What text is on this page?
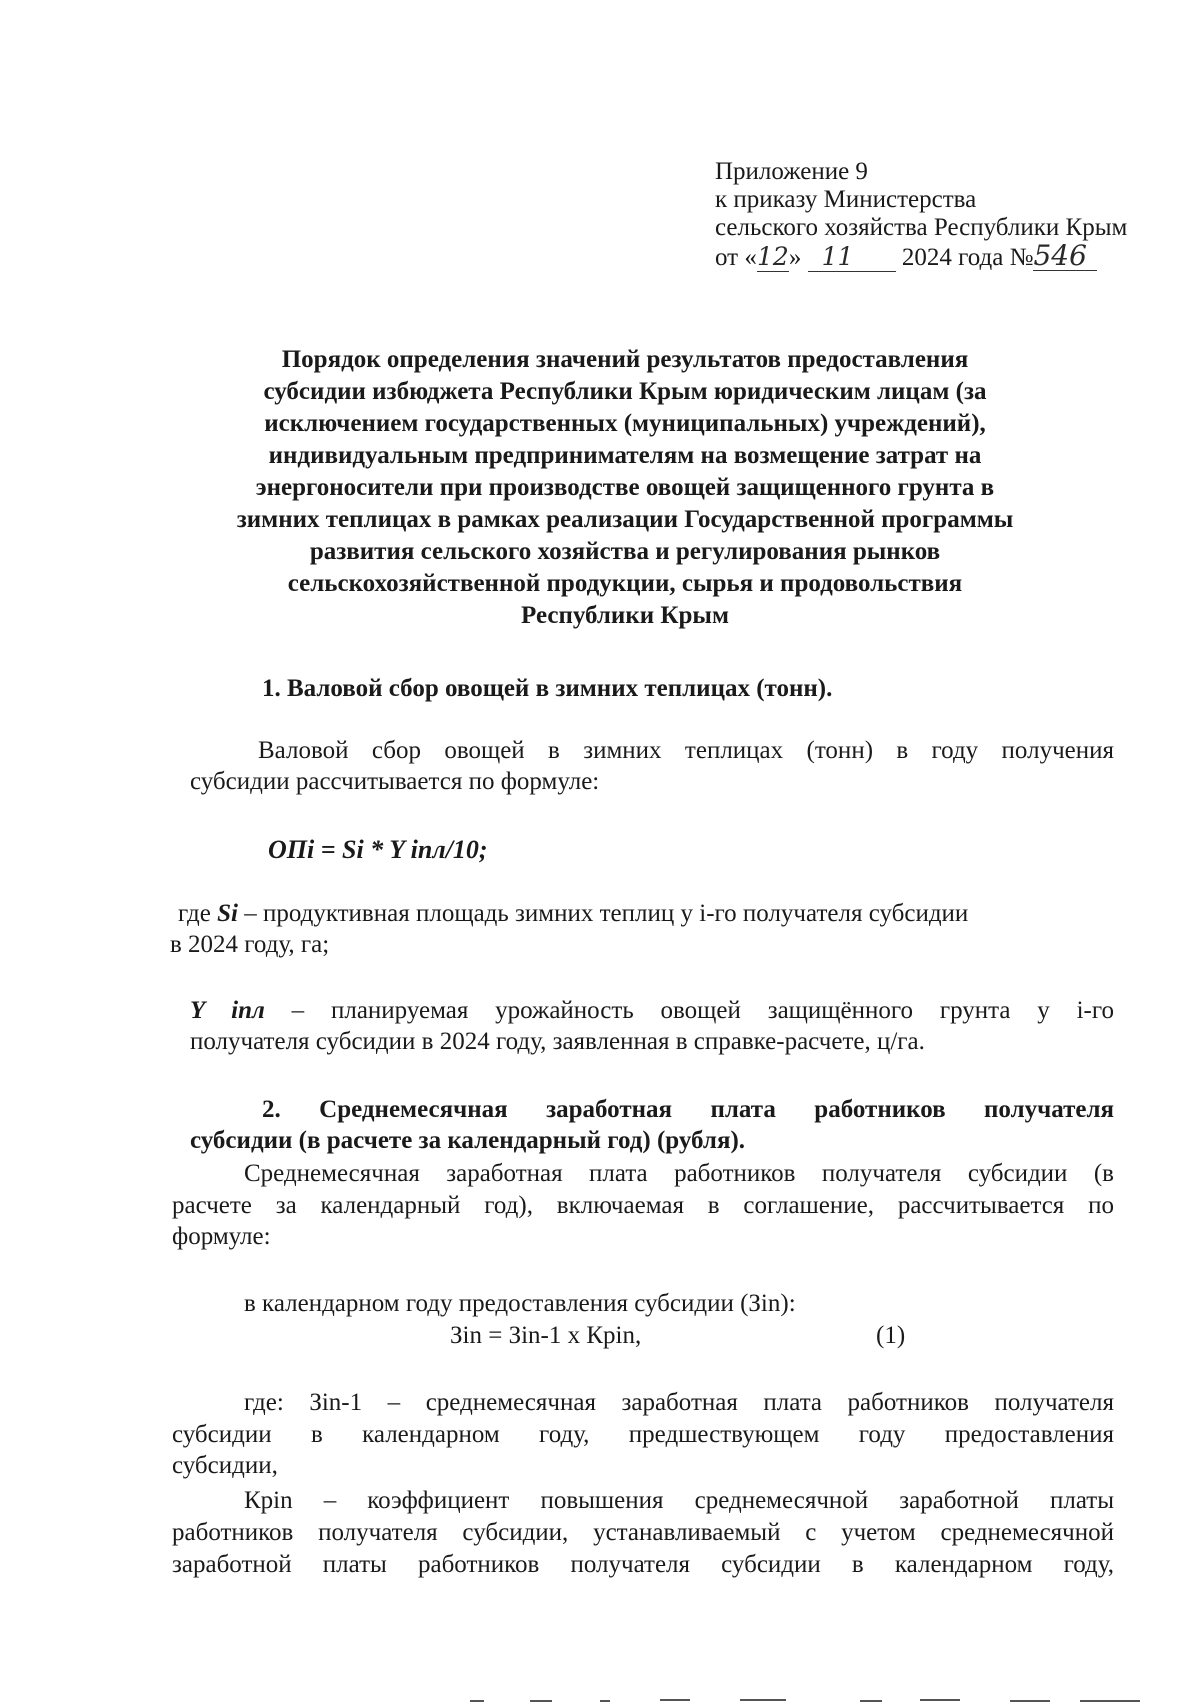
Приложение 9
к приказу Министерства
сельского хозяйства Республики Крым
от «12» 11 2024 года №546
Порядок определения значений результатов предоставления
субсидии избюджета Республики Крым юридическим лицам (за
исключением государственных (муниципальных) учреждений),
индивидуальным предпринимателям на возмещение затрат на
энергоносители при производстве овощей защищенного грунта в
зимних теплицах в рамках реализации Государственной программы
развития сельского хозяйства и регулирования рынков
сельскохозяйственной продукции, сырья и продовольствия
Республики Крым
1. Валовой сбор овощей в зимних теплицах (тонн).
Валовой сбор овощей в зимних теплицах (тонн) в году получения
субсидии рассчитывается по формуле:
ОПi = Si * Y iпл/10;
где Si – продуктивная площадь зимних теплиц у i-го получателя субсидии
в 2024 году, га;
Y iпл – планируемая урожайность овощей защищённого грунта у i-го
получателя субсидии в 2024 году, заявленная в справке-расчете, ц/га.
2. Среднемесячная заработная плата работников получателя
субсидии (в расчете за календарный год) (рубля).
Среднемесячная заработная плата работников получателя субсидии (в
расчете за календарный год), включаемая в соглашение, рассчитывается по
формуле:
в календарном году предоставления субсидии (Зin):
Зin = Зin-1 х Кpin,	(1)
где: Зin-1 – среднемесячная заработная плата работников получателя
субсидии в календарном году, предшествующем году предоставления
субсидии,
Кpin – коэффициент повышения среднемесячной заработной платы
работников получателя субсидии, устанавливаемый с учетом среднемесячной
заработной платы работников получателя субсидии в календарном году,
